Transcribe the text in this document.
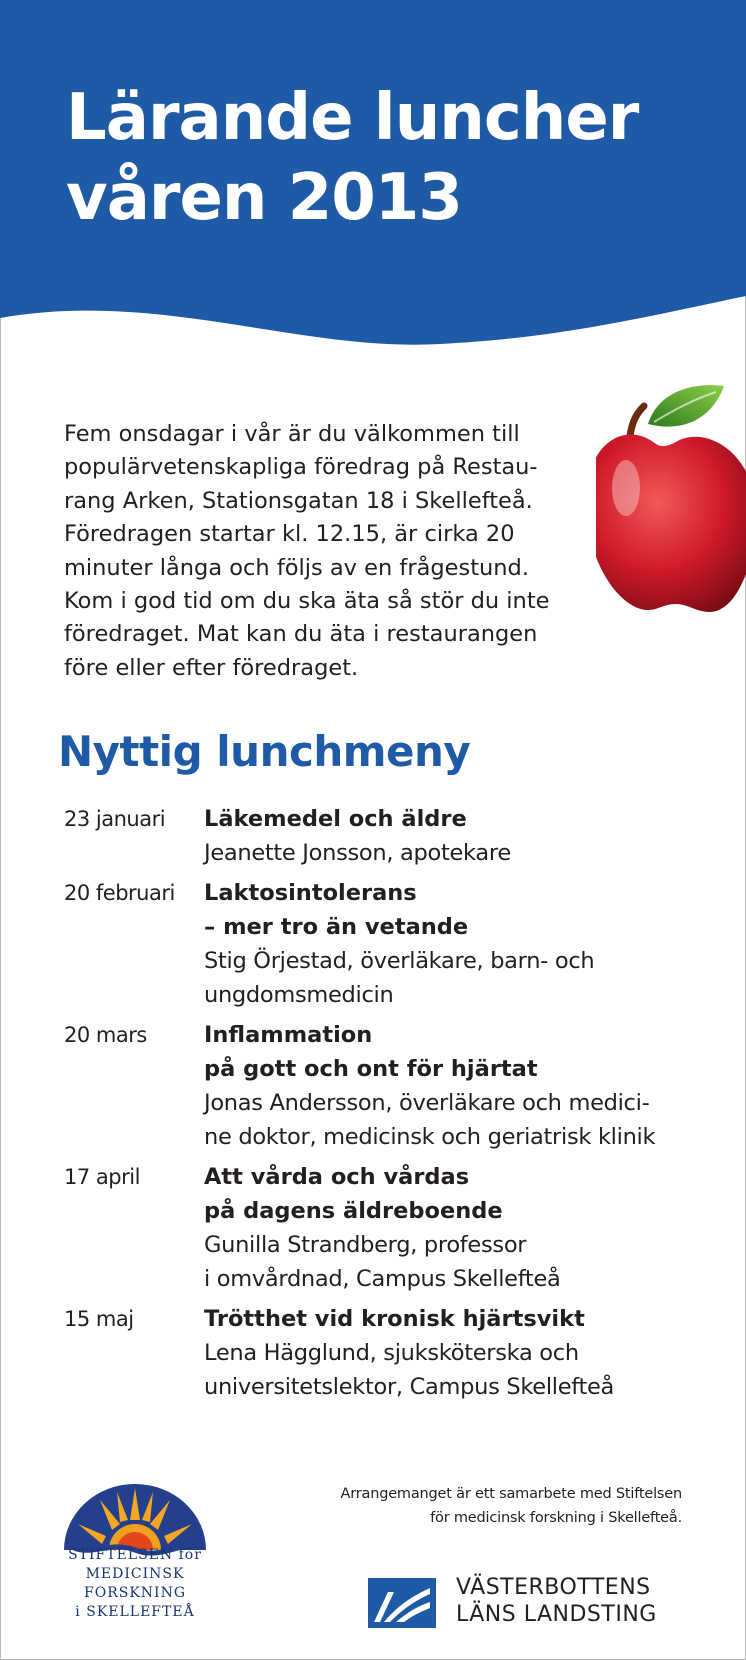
Lärande luncher
våren 2013

Fem onsdagar i vår är du välkommen till
populärvetenskapliga föredrag på Restau-
rang Arken, Stationsgatan 18 i Skellefteå.
Föredragen startar kl. 12.15, är cirka 20
minuter långa och följs av en frågestund.
Kom i god tid om du ska äta så stör du inte
föredraget. Mat kan du äta i restaurangen
före eller efter föredraget.

Nyttig lunchmeny
23 januari	Läkemedel och äldre
Jeanette Jonsson, apotekare
20 februari	Laktosintolerans
– mer tro än vetande
Stig Örjestad, överläkare, barn- och
ungdomsmedicin
20 mars	Inflammation
på gott och ont för hjärtat
Jonas Andersson, överläkare och medici-
ne doktor, medicinsk och geriatrisk klinik
17 april	Att vårda och vårdas
på dagens äldreboende
Gunilla Strandberg, professor
i omvårdnad, Campus Skellefteå
15 maj	Trötthet vid kronisk hjärtsvikt
Lena Hägglund, sjuksköterska och
universitetslektor, Campus Skellefteå

Arrangemanget är ett samarbete med Stiftelsen
för medicinsk forskning i Skellefteå.

STIFTELSEN för
MEDICINSK
FORSKNING
i SKELLEFTEÅ

VÄSTERBOTTENS
LÄNS LANDSTING
